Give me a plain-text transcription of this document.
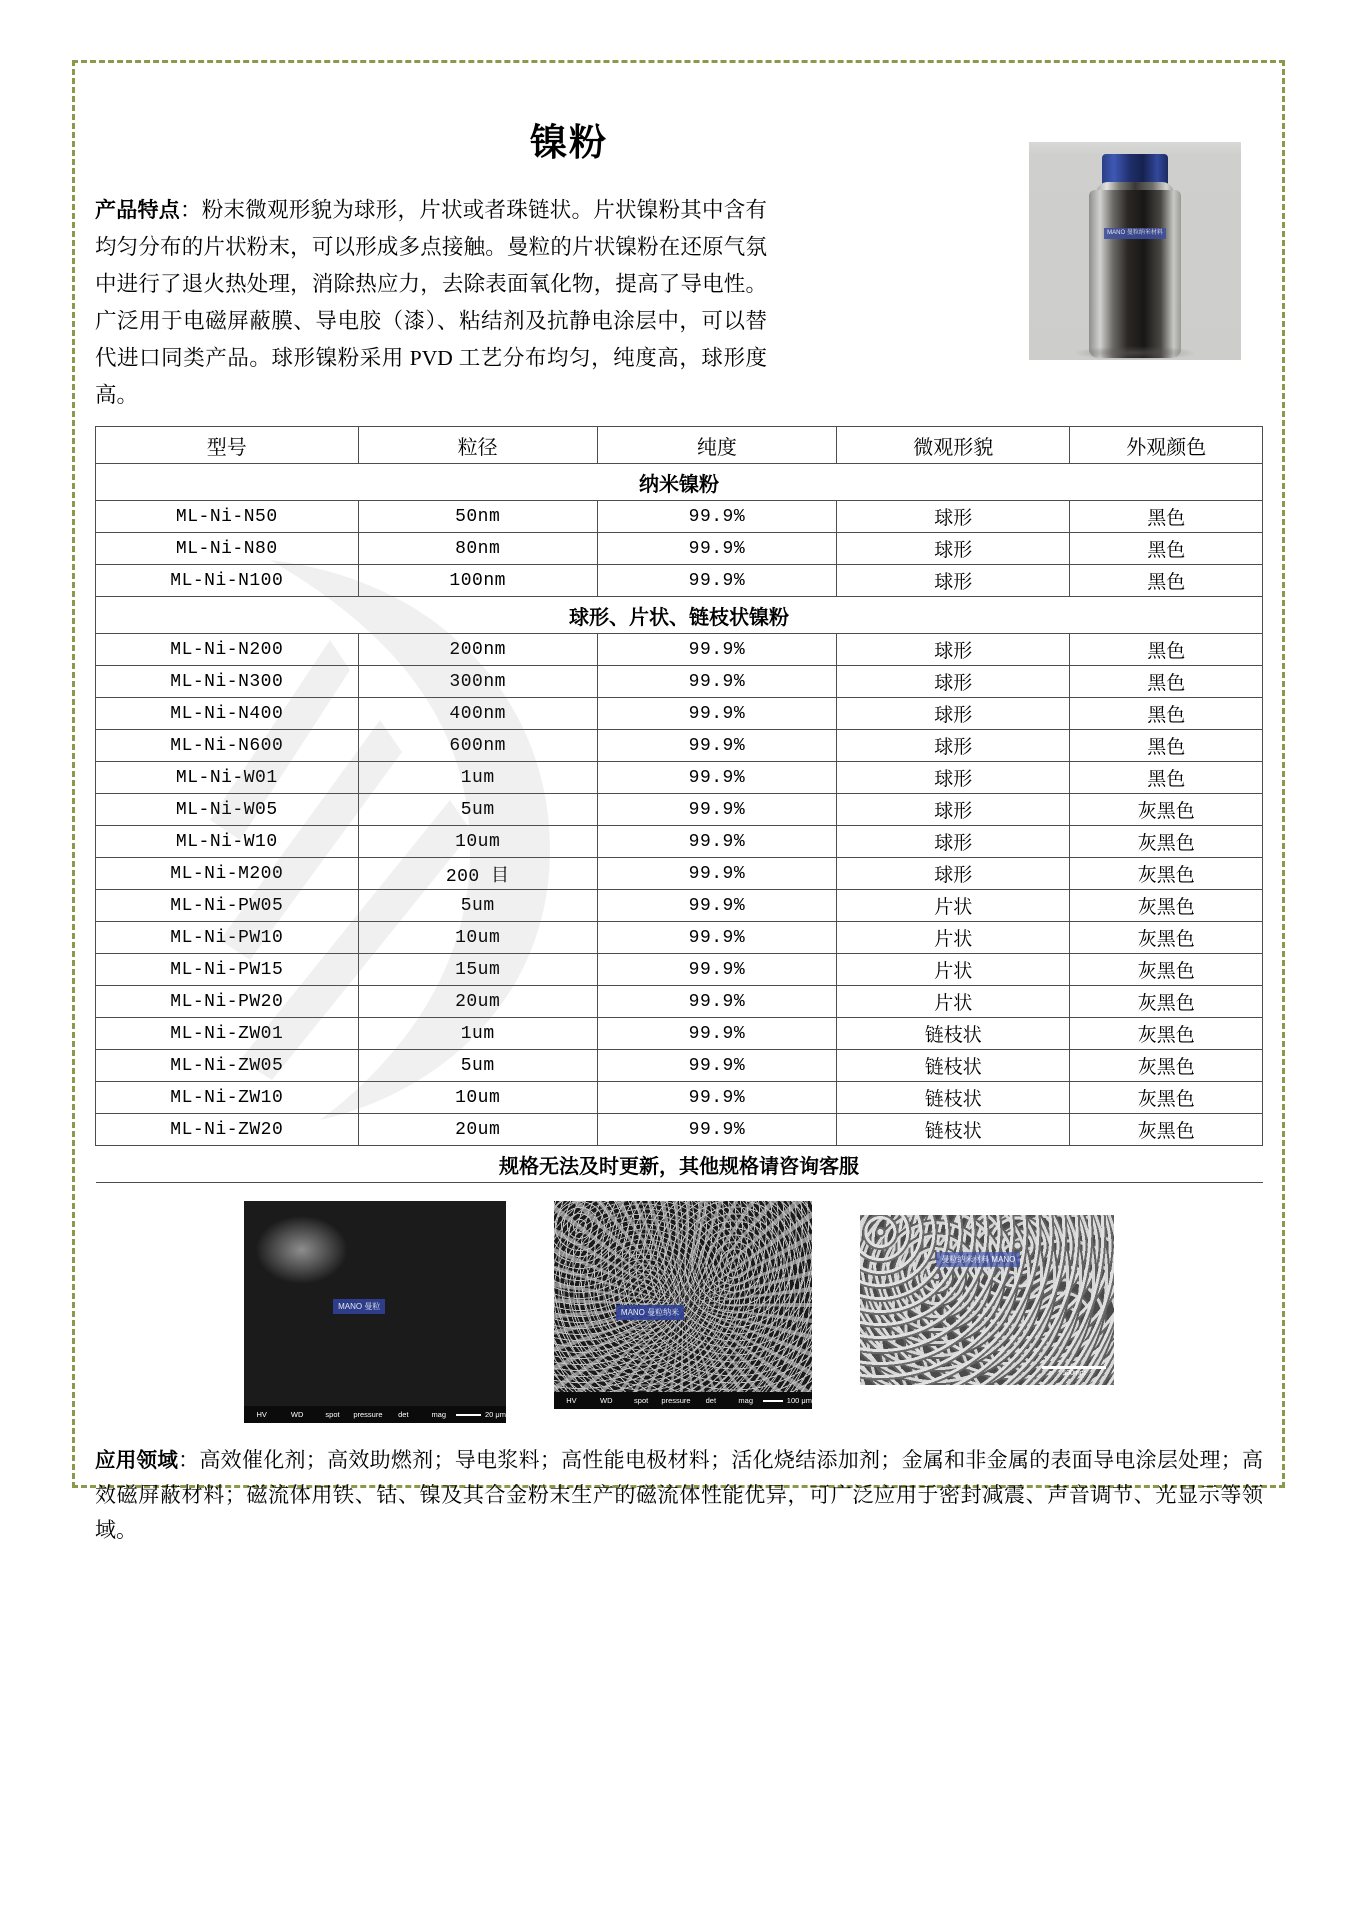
MANO 曼粒纳米材料
镍粉
产品特点：粉末微观形貌为球形，片状或者珠链状。片状镍粉其中含有均匀分布的片状粉末，可以形成多点接触。曼粒的片状镍粉在还原气氛中进行了退火热处理，消除热应力，去除表面氧化物，提高了导电性。广泛用于电磁屏蔽膜、导电胶（漆）、粘结剂及抗静电涂层中，可以替代进口同类产品。球形镍粉采用 PVD 工艺分布均匀，纯度高，球形度高。
型号	粒径	纯度	微观形貌	外观颜色
纳米镍粉				
ML-Ni-N50	50nm	99.9%	球形	黑色
ML-Ni-N80	80nm	99.9%	球形	黑色
ML-Ni-N100	100nm	99.9%	球形	黑色
球形、片状、链枝状镍粉				
ML-Ni-N200	200nm	99.9%	球形	黑色
ML-Ni-N300	300nm	99.9%	球形	黑色
ML-Ni-N400	400nm	99.9%	球形	黑色
ML-Ni-N600	600nm	99.9%	球形	黑色
ML-Ni-W01	1um	99.9%	球形	黑色
ML-Ni-W05	5um	99.9%	球形	灰黑色
ML-Ni-W10	10um	99.9%	球形	灰黑色
ML-Ni-M200	200 目	99.9%	球形	灰黑色
ML-Ni-PW05	5um	99.9%	片状	灰黑色
ML-Ni-PW10	10um	99.9%	片状	灰黑色
ML-Ni-PW15	15um	99.9%	片状	灰黑色
ML-Ni-PW20	20um	99.9%	片状	灰黑色
ML-Ni-ZW01	1um	99.9%	链枝状	灰黑色
ML-Ni-ZW05	5um	99.9%	链枝状	灰黑色
ML-Ni-ZW10	10um	99.9%	链枝状	灰黑色
ML-Ni-ZW20	20um	99.9%	链枝状	灰黑色
规格无法及时更新，其他规格请咨询客服				
MANO 曼粒
HV	WD	spot	pressure	det	mag	20 μm
MANO 曼粒纳米
HV	WD	spot	pressure	det	mag	100 μm
曼粒纳米材料 MANO
500 nm
应用领域：高效催化剂；高效助燃剂；导电浆料；高性能电极材料；活化烧结添加剂；金属和非金属的表面导电涂层处理；高效磁屏蔽材料；磁流体用铁、钴、镍及其合金粉末生产的磁流体性能优异，可广泛应用于密封减震、声音调节、光显示等领域。
